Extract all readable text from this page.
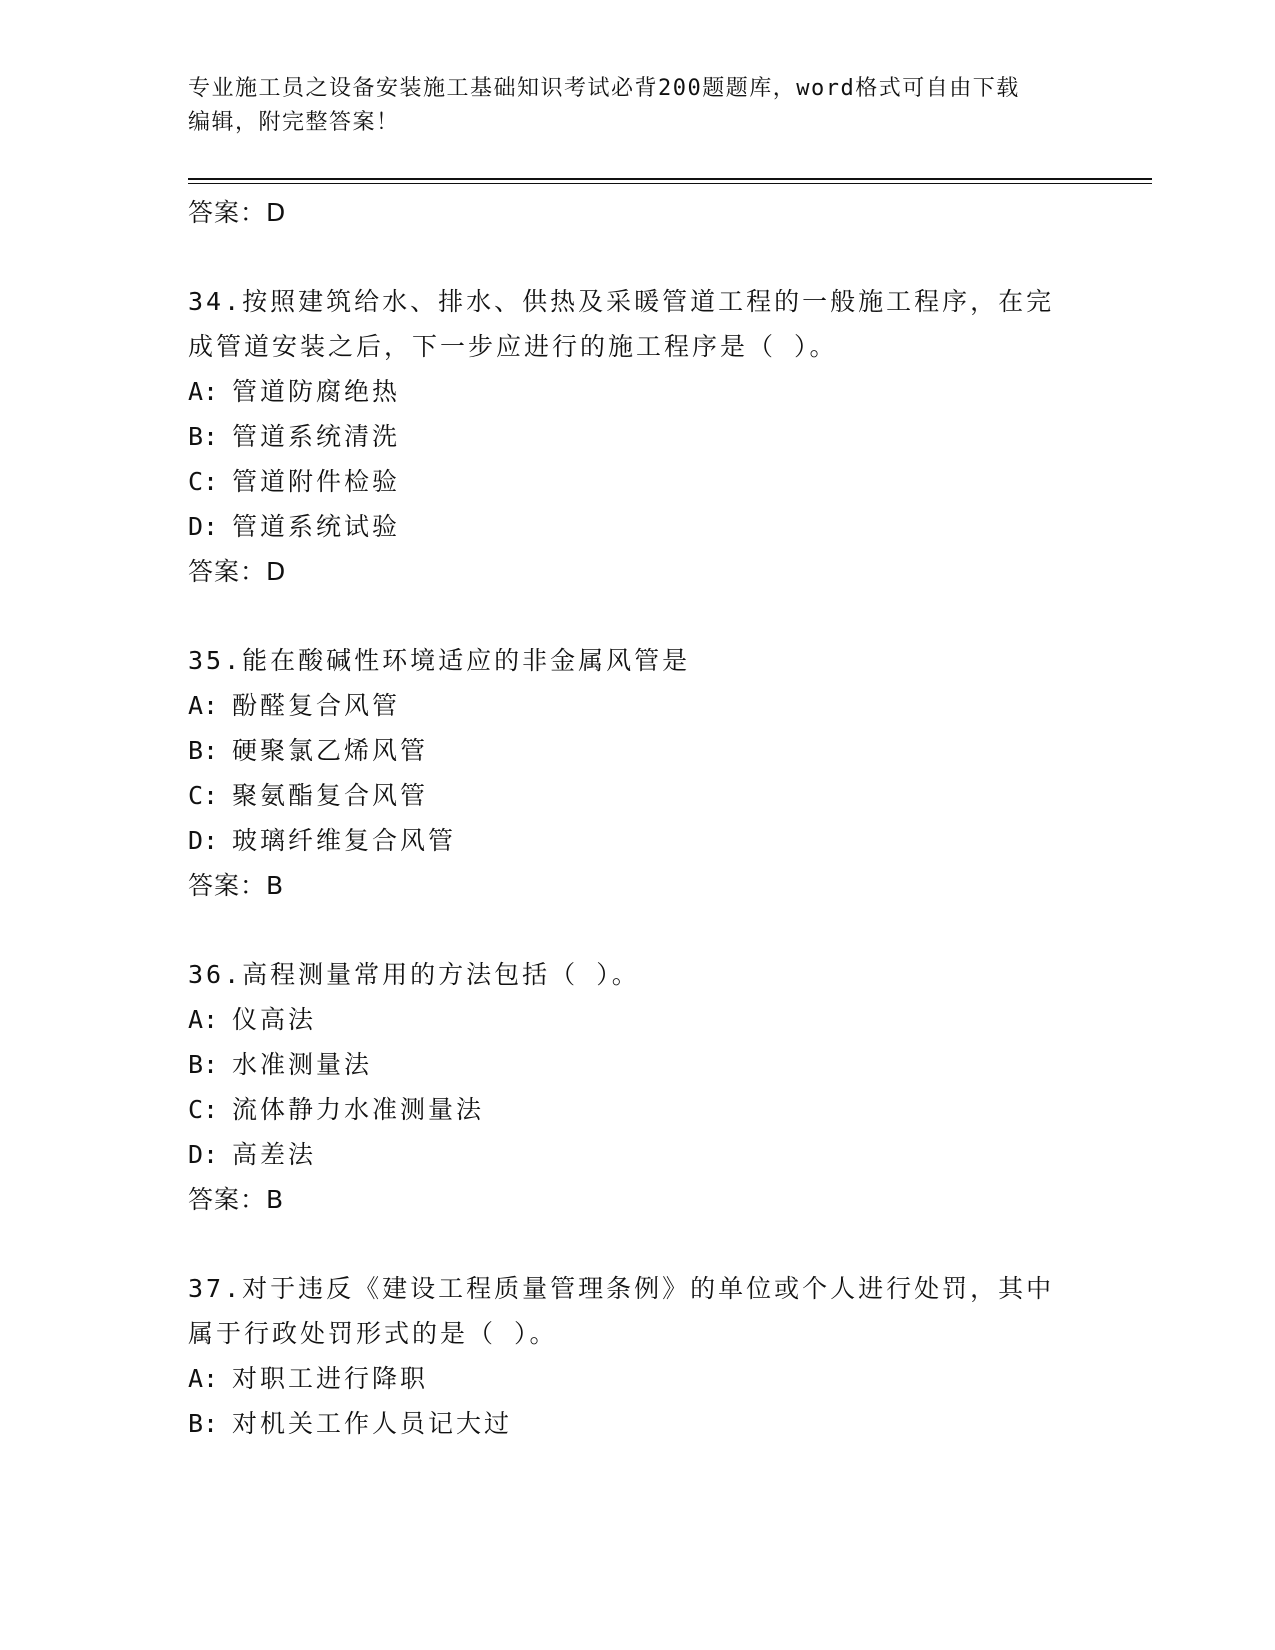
专业施工员之设备安装施工基础知识考试必背200题题库，word格式可自由下载
编辑，附完整答案！
答案：D
34.按照建筑给水、排水、供热及采暖管道工程的一般施工程序，在完
成管道安装之后，下一步应进行的施工程序是（ ）。
A: 管道防腐绝热
B: 管道系统清洗
C: 管道附件检验
D: 管道系统试验
答案：D
35.能在酸碱性环境适应的非金属风管是
A: 酚醛复合风管
B: 硬聚氯乙烯风管
C: 聚氨酯复合风管
D: 玻璃纤维复合风管
答案：B
36.高程测量常用的方法包括（ ）。
A: 仪高法
B: 水准测量法
C: 流体静力水准测量法
D: 高差法
答案：B
37.对于违反《建设工程质量管理条例》的单位或个人进行处罚，其中
属于行政处罚形式的是（ ）。
A: 对职工进行降职
B: 对机关工作人员记大过
